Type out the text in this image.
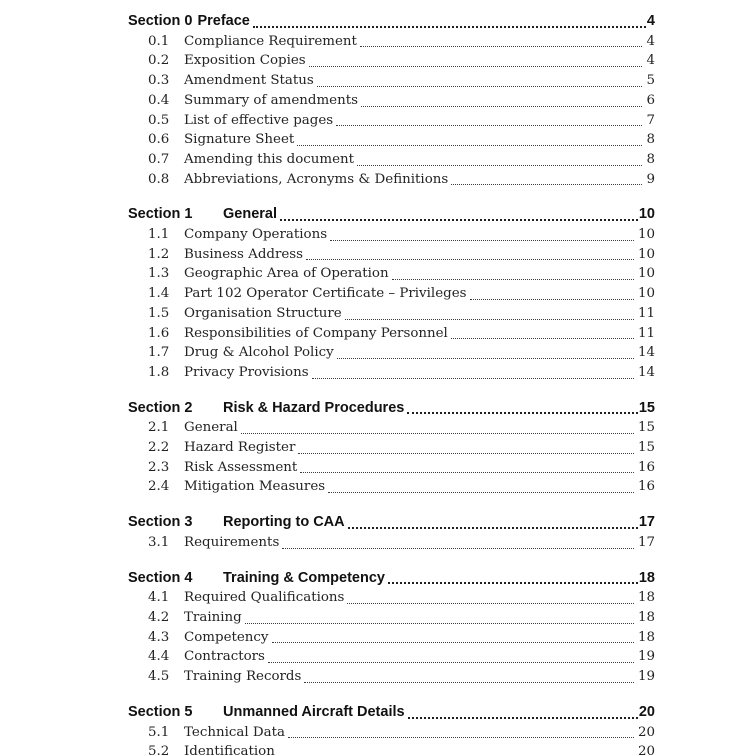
Section 0 Preface	4
0.1	Compliance Requirement	4
0.2	Exposition Copies	4
0.3	Amendment Status	5
0.4	Summary of amendments	6
0.5	List of effective pages	7
0.6	Signature Sheet	8
0.7	Amending this document	8
0.8	Abbreviations, Acronyms & Definitions	9
Section 1	General	10
1.1	Company Operations	10
1.2	Business Address	10
1.3	Geographic Area of Operation	10
1.4	Part 102 Operator Certificate – Privileges	10
1.5	Organisation Structure	11
1.6	Responsibilities of Company Personnel	11
1.7	Drug & Alcohol Policy	14
1.8	Privacy Provisions	14
Section 2	Risk & Hazard Procedures	15
2.1	General	15
2.2	Hazard Register	15
2.3	Risk Assessment	16
2.4	Mitigation Measures	16
Section 3	Reporting to CAA	17
3.1	Requirements	17
Section 4	Training & Competency	18
4.1	Required Qualifications	18
4.2	Training	18
4.3	Competency	18
4.4	Contractors	19
4.5	Training Records	19
Section 5	Unmanned Aircraft Details	20
5.1	Technical Data	20
5.2	Identification	20
